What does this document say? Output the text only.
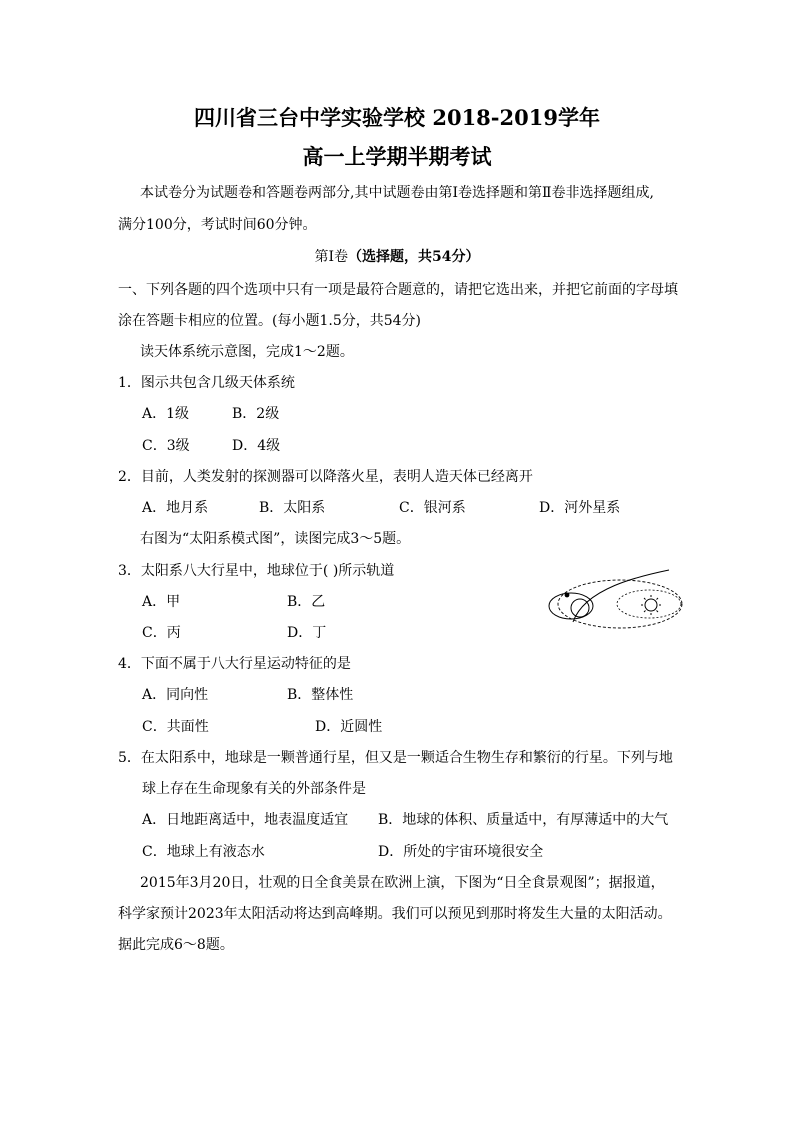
四川省三台中学实验学校 2018-2019学年
高一上学期半期考试
本试卷分为试题卷和答题卷两部分,其中试题卷由第Ⅰ卷选择题和第Ⅱ卷非选择题组成,
满分100分，考试时间60分钟。
第Ⅰ卷（选择题，共54分）
一、下列各题的四个选项中只有一项是最符合题意的，请把它选出来，并把它前面的字母填
涂在答题卡相应的位置。(每小题1.5分，共54分)
读天体系统示意图，完成1～2题。
1．图示共包含几级天体系统
A．1级	B．2级
C．3级	D．4级
2．目前，人类发射的探测器可以降落火星，表明人造天体已经离开
A．地月系	B．太阳系	C．银河系	D．河外星系
右图为“太阳系模式图”，读图完成3～5题。
3．太阳系八大行星中，地球位于( )所示轨道
A．甲	B．乙
C．丙	D．丁
4．下面不属于八大行星运动特征的是
A．同向性	B．整体性
C．共面性	D．近圆性
5．在太阳系中，地球是一颗普通行星，但又是一颗适合生物生存和繁衍的行星。下列与地
球上存在生命现象有关的外部条件是
A．日地距离适中，地表温度适宜 B．地球的体积、质量适中，有厚薄适中的大气
C．地球上有液态水	D．所处的宇宙环境很安全
2015年3月20日，壮观的日全食美景在欧洲上演，下图为“日全食景观图”；据报道，
科学家预计2023年太阳活动将达到高峰期。我们可以预见到那时将发生大量的太阳活动。
据此完成6～8题。
